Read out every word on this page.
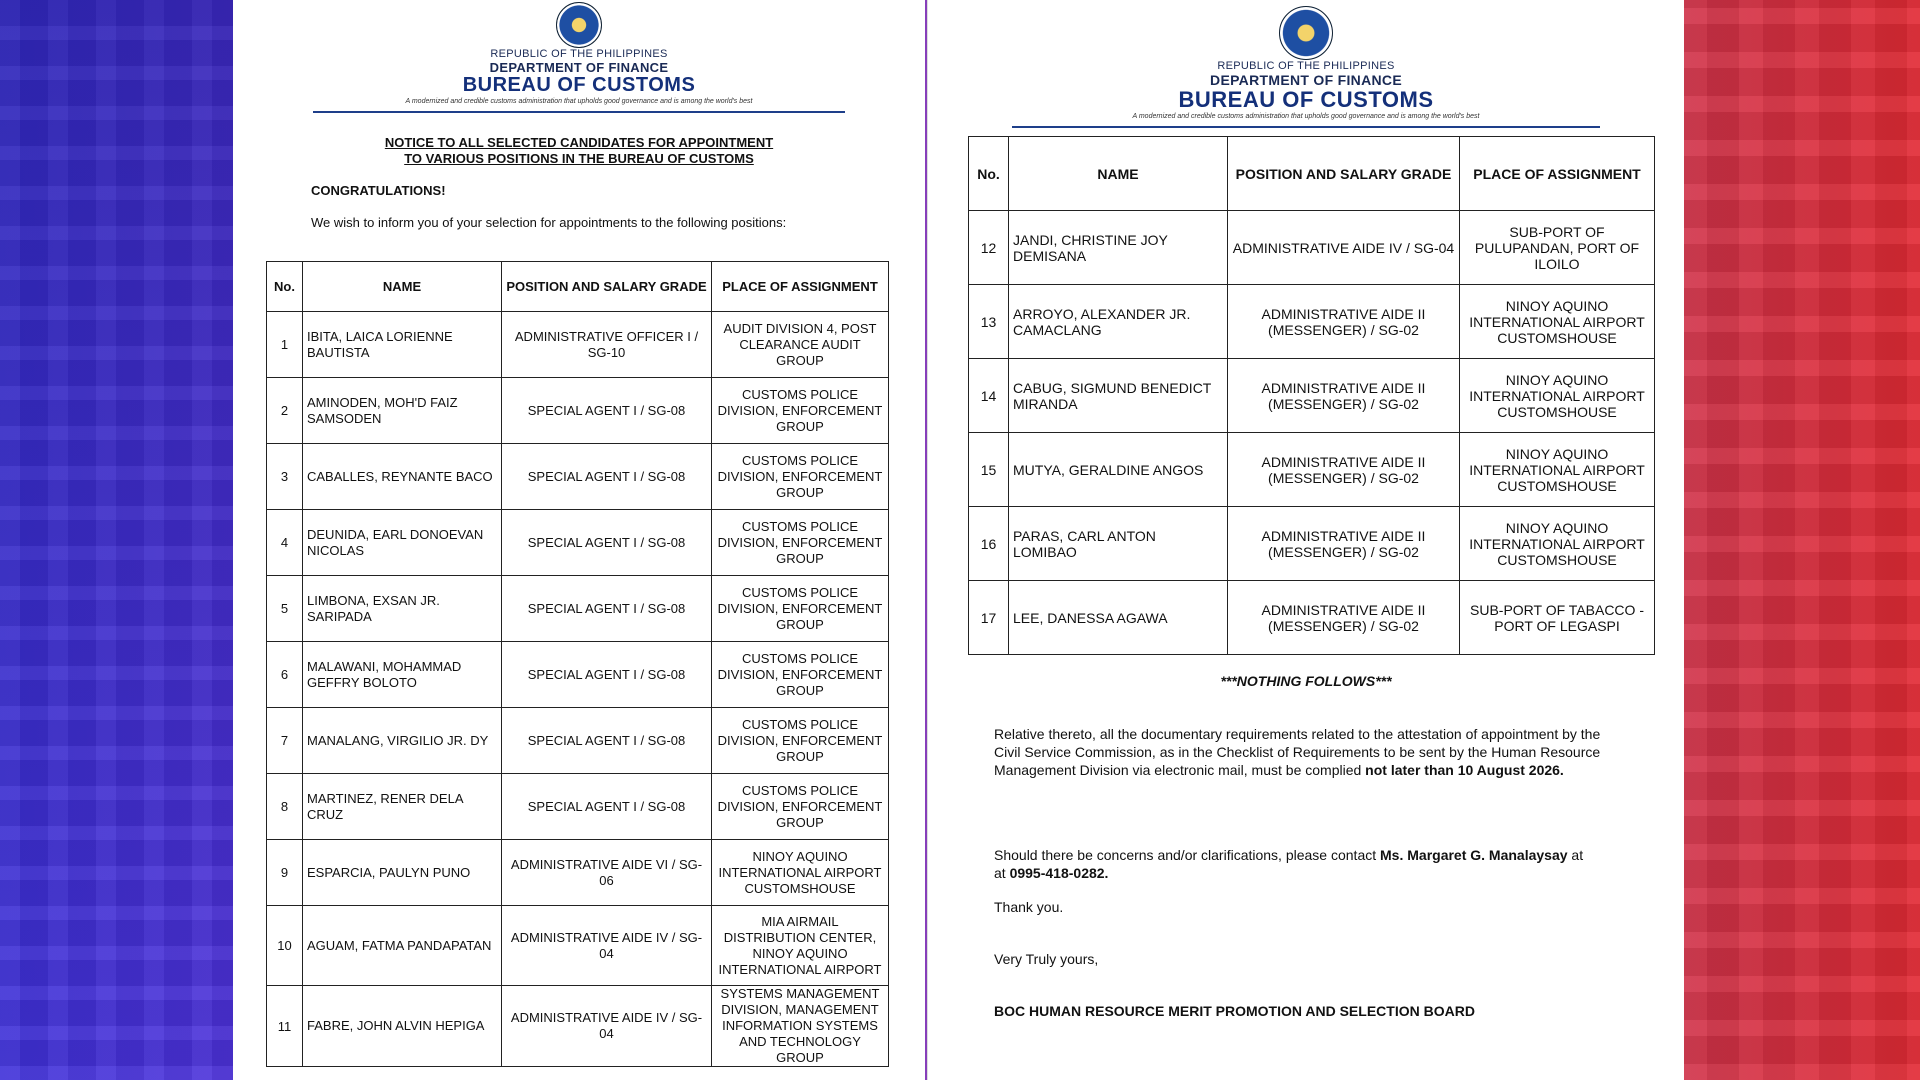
REPUBLIC OF THE PHILIPPINES
DEPARTMENT OF FINANCE
BUREAU OF CUSTOMS
A modernized and credible customs administration that upholds good governance and is among the world's best
NOTICE TO ALL SELECTED CANDIDATES FOR APPOINTMENT
TO VARIOUS POSITIONS IN THE BUREAU OF CUSTOMS
CONGRATULATIONS!
We wish to inform you of your selection for appointments to the following positions:
No.	NAME	POSITION AND SALARY GRADE	PLACE OF ASSIGNMENT
1	IBITA, LAICA LORIENNE BAUTISTA	ADMINISTRATIVE OFFICER I / SG-10	AUDIT DIVISION 4, POST CLEARANCE AUDIT GROUP
2	AMINODEN, MOH'D FAIZ SAMSODEN	SPECIAL AGENT I / SG-08	CUSTOMS POLICE DIVISION, ENFORCEMENT GROUP
3	CABALLES, REYNANTE BACO	SPECIAL AGENT I / SG-08	CUSTOMS POLICE DIVISION, ENFORCEMENT GROUP
4	DEUNIDA, EARL DONOEVAN NICOLAS	SPECIAL AGENT I / SG-08	CUSTOMS POLICE DIVISION, ENFORCEMENT GROUP
5	LIMBONA, EXSAN JR. SARIPADA	SPECIAL AGENT I / SG-08	CUSTOMS POLICE DIVISION, ENFORCEMENT GROUP
6	MALAWANI, MOHAMMAD GEFFRY BOLOTO	SPECIAL AGENT I / SG-08	CUSTOMS POLICE DIVISION, ENFORCEMENT GROUP
7	MANALANG, VIRGILIO JR. DY	SPECIAL AGENT I / SG-08	CUSTOMS POLICE DIVISION, ENFORCEMENT GROUP
8	MARTINEZ, RENER DELA CRUZ	SPECIAL AGENT I / SG-08	CUSTOMS POLICE DIVISION, ENFORCEMENT GROUP
9	ESPARCIA, PAULYN PUNO	ADMINISTRATIVE AIDE VI / SG-06	NINOY AQUINO INTERNATIONAL AIRPORT CUSTOMSHOUSE
10	AGUAM, FATMA PANDAPATAN	ADMINISTRATIVE AIDE IV / SG-04	MIA AIRMAIL DISTRIBUTION CENTER, NINOY AQUINO INTERNATIONAL AIRPORT
11	FABRE, JOHN ALVIN HEPIGA	ADMINISTRATIVE AIDE IV / SG-04	SYSTEMS MANAGEMENT DIVISION, MANAGEMENT INFORMATION SYSTEMS AND TECHNOLOGY GROUP
REPUBLIC OF THE PHILIPPINES
DEPARTMENT OF FINANCE
BUREAU OF CUSTOMS
A modernized and credible customs administration that upholds good governance and is among the world's best
No.	NAME	POSITION AND SALARY GRADE	PLACE OF ASSIGNMENT
12	JANDI, CHRISTINE JOY DEMISANA	ADMINISTRATIVE AIDE IV / SG-04	SUB-PORT OF PULUPANDAN, PORT OF ILOILO
13	ARROYO, ALEXANDER JR. CAMACLANG	ADMINISTRATIVE AIDE II (MESSENGER) / SG-02	NINOY AQUINO INTERNATIONAL AIRPORT CUSTOMSHOUSE
14	CABUG, SIGMUND BENEDICT MIRANDA	ADMINISTRATIVE AIDE II (MESSENGER) / SG-02	NINOY AQUINO INTERNATIONAL AIRPORT CUSTOMSHOUSE
15	MUTYA, GERALDINE ANGOS	ADMINISTRATIVE AIDE II (MESSENGER) / SG-02	NINOY AQUINO INTERNATIONAL AIRPORT CUSTOMSHOUSE
16	PARAS, CARL ANTON LOMIBAO	ADMINISTRATIVE AIDE II (MESSENGER) / SG-02	NINOY AQUINO INTERNATIONAL AIRPORT CUSTOMSHOUSE
17	LEE, DANESSA AGAWA	ADMINISTRATIVE AIDE II (MESSENGER) / SG-02	SUB-PORT OF TABACCO - PORT OF LEGASPI
***NOTHING FOLLOWS***
Relative thereto, all the documentary requirements related to the attestation of appointment by the Civil Service Commission, as in the Checklist of Requirements to be sent by the Human Resource Management Division via electronic mail, must be complied not later than 10 August 2026.
Should there be concerns and/or clarifications, please contact Ms. Margaret G. Manalaysay at
at 0995-418-0282.
Thank you.
Very Truly yours,
BOC HUMAN RESOURCE MERIT PROMOTION AND SELECTION BOARD
